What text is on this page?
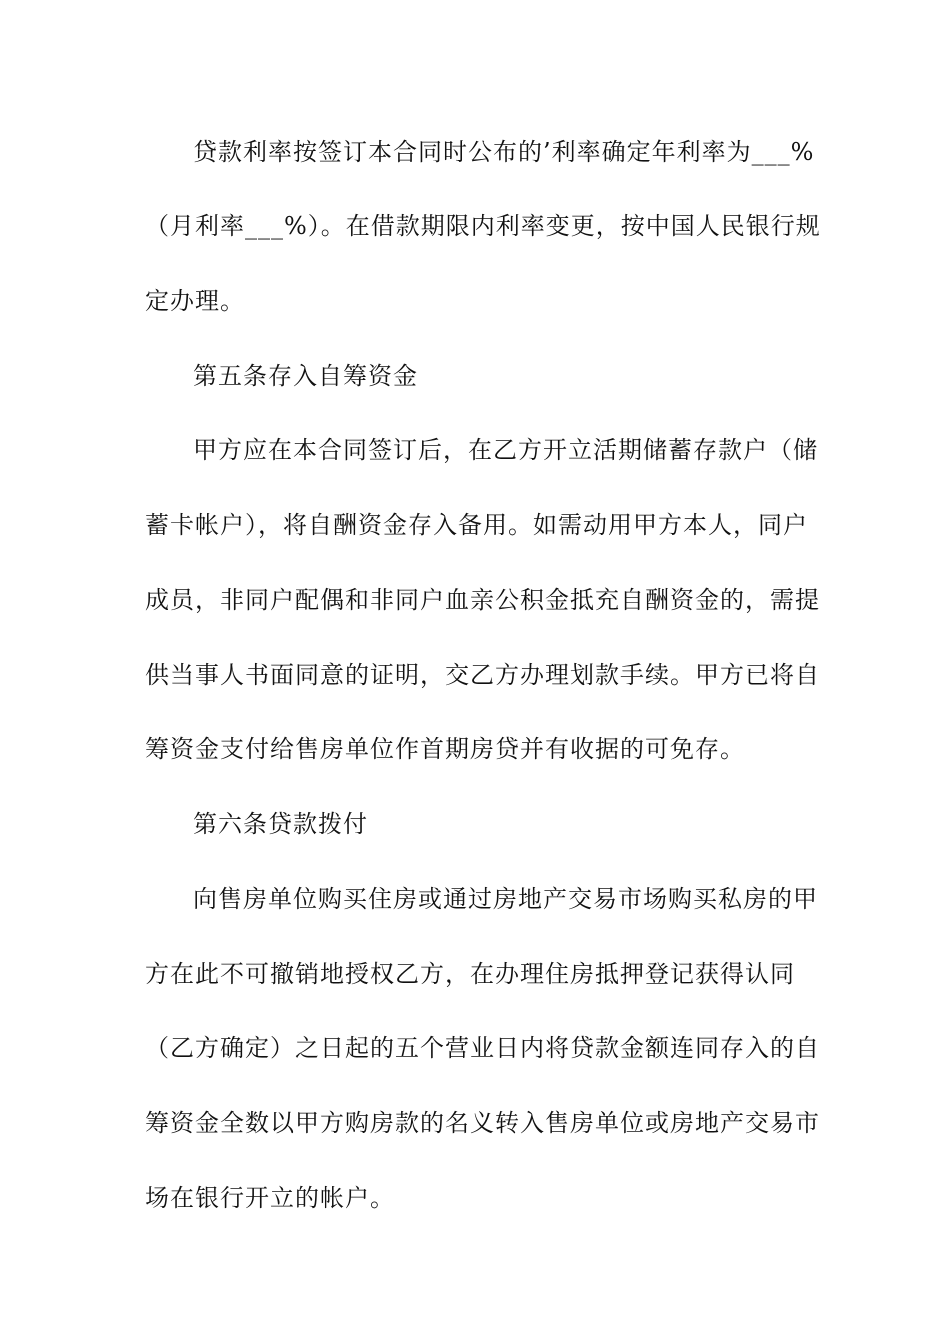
贷款利率按签订本合同时公布的’利率确定年利率为___%
（月利率___%）。在借款期限内利率变更，按中国人民银行规
定办理。
第五条存入自筹资金
甲方应在本合同签订后，在乙方开立活期储蓄存款户（储
蓄卡帐户），将自酬资金存入备用。如需动用甲方本人，同户
成员，非同户配偶和非同户血亲公积金抵充自酬资金的，需提
供当事人书面同意的证明，交乙方办理划款手续。甲方已将自
筹资金支付给售房单位作首期房贷并有收据的可免存。
第六条贷款拨付
向售房单位购买住房或通过房地产交易市场购买私房的甲
方在此不可撤销地授权乙方，在办理住房抵押登记获得认同
（乙方确定）之日起的五个营业日内将贷款金额连同存入的自
筹资金全数以甲方购房款的名义转入售房单位或房地产交易市
场在银行开立的帐户。
